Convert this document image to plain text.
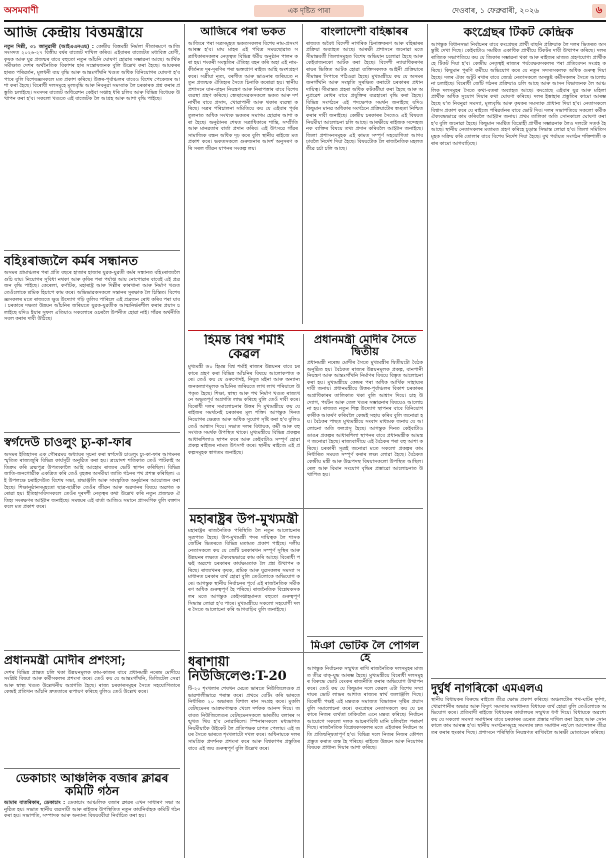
অসমবাণী	এক দৃষ্টিত পাৰা	দেওবাৰ, ১ ফেব্ৰুৱাৰী, ২০২৬	৬
আজি কেন্দ্ৰীয় বিত্তমন্ত্ৰীয়ে
নতুন দিল্লী, ৩১ জানুৱাৰী (আইএএনএছ) : কেন্দ্ৰীয় বিত্তমন্ত্ৰী নিৰ্মলা সীতাৰমণে আজি সংসদত ২০২৬-২৭ বিত্তীয় বৰ্ষৰ বাজেট দাখিল কৰিব। এইবাৰৰ বাজেটত মধ্যবিত্ত শ্ৰেণী, কৃষক আৰু যুৱ প্ৰজন্মৰ বাবে বহুতো নতুন আঁচনি ঘোষণা হোৱাৰ সম্ভাৱনা আছে। আৰ্থিক সমীক্ষাত দেশৰ অৰ্থনৈতিক বিকাশৰ হাৰ সন্তোষজনক বুলি উল্লেখ কৰা হৈছে। আয়কৰৰ হাৰত পৰিৱৰ্তন, মূলধনী ব্যয় বৃদ্ধি আৰু আন্তঃগাঁথনি খণ্ডত অধিক বিনিয়োগৰ ঘোষণা হ'ব পাৰে বুলি বিশেষজ্ঞসকলে মত প্ৰকাশ কৰিছে। উত্তৰ-পূৰ্বাঞ্চলৰ বাবেও বিশেষ পেকেজৰ আশা কৰা হৈছে। বিৰোধী দলসমূহে মূল্যবৃদ্ধি আৰু নিবনুৱা সমস্যাক লৈ চৰকাৰক প্ৰশ্ন কৰাৰ প্ৰস্তুতি চলাইছে। সংসদৰ বাজেট অধিৱেশন কেইবা সপ্তাহ ধৰি চলিব আৰু বিভিন্ন বিধেয়ক উত্থাপন কৰা হ'ব। সকলো খণ্ডতে এই বাজেটক লৈ আগ্ৰহ আৰু আশা বৃদ্ধি পাইছে।
বহিঃৰাজ্যলৈ কৰ্মৰ সন্ধানত
অসমৰ গ্ৰামাঞ্চলৰ পৰা প্ৰতি বছৰে হাজাৰ হাজাৰ যুৱক-যুৱতী কৰ্মৰ সন্ধানত বহিঃৰাজ্যলৈ গুচি যায়। নিয়োগৰ সুবিধা নথকা আৰু কৃষিৰ পৰা পৰ্যাপ্ত আয় নোপোৱাৰ বাবেই এই প্ৰব্ৰজন বৃদ্ধি পাইছে। কেৰেলা, কৰ্ণাটক, মহাৰাষ্ট্ৰ আৰু দিল্লীৰ কাৰখানা আৰু নিৰ্মাণ খণ্ডত তেওঁলোকে শ্ৰমিক হিচাপে কাম কৰে। অভিভাৱকসকলে সন্তানৰ সুৰক্ষাক লৈ চিন্তিত। বিশেষজ্ঞসকলৰ মতে ৰাজ্যতে ক্ষুদ্ৰ উদ্যোগ গঢ়ি তুলিব পাৰিলে এই প্ৰব্ৰজন ৰোধ কৰিব পৰা যাব। চৰকাৰে দক্ষতা উন্নয়ন আঁচনিৰ জৰিয়তে যুৱক-যুৱতীক আত্মনিৰ্ভৰশীল কৰাৰ প্ৰয়াস চলাইছে যদিও ইয়াৰ সুফল এতিয়াও সকলোৰে ওচৰলৈ উপনীত হোৱা নাই। গাঁৱৰ অৰ্থনীতি সবল কৰাৰ দাবী উঠিছে।
স্বৰ্গদেউ চাওলুং চ্যু-কা-ফাৰ
অসমৰ ইতিহাসৰ এক গৌৰৱময় অধ্যায়ৰ সূচনা কৰা স্বৰ্গদেউ চাওলুং চ্যু-কা-ফাৰ আগমনৰ স্মৃতিত ৰাজ্যজুৰি বিভিন্ন কাৰ্যসূচী অনুষ্ঠিত কৰা হয়। ত্ৰয়োদশ শতিকাত তেওঁ পাটকাই অতিক্ৰম কৰি ব্ৰহ্মপুত্ৰ উপত্যকালৈ আহি আহোম ৰাজ্যৰ ভেটি স্থাপন কৰিছিল। বিভিন্ন জাতি-জনগোষ্ঠীক একত্ৰিত কৰি তেওঁ বৃহত্তৰ অসমীয়া জাতি গঠনৰ পথ প্ৰশস্ত কৰিছিল। এই উপলক্ষে চৰাইদেউত বিশেষ সভা, শ্ৰদ্ধাঞ্জলি আৰু সাংস্কৃতিক অনুষ্ঠানৰ আয়োজন কৰা হৈছে। শিক্ষানুষ্ঠানসমূহতো ছাত্ৰ-ছাত্ৰীক তেওঁৰ জীৱন আৰু অৱদানৰ বিষয়ে অৱগত কৰোৱা হয়। ইতিহাসবিদসকলে তেওঁৰ দূৰদৰ্শী নেতৃত্বৰ কথা উল্লেখ কৰি নতুন প্ৰজন্মক ঐতিহ্য সংৰক্ষণৰ আহ্বান জনাইছে। সমন্বয়ৰ এই বাৰ্তা আজিও সমানে প্ৰাসংগিক বুলি বক্তাসকলে মত প্ৰকাশ কৰে।
প্ৰধানমন্ত্ৰী মোদীৰ প্ৰশংসা;
দেশৰ বিভিন্ন প্ৰান্তত চলি থকা উন্নয়নমূলক কাম-কাজৰ বাবে প্ৰধানমন্ত্ৰী নৰেন্দ্ৰ মোদীয়ে সংশ্লিষ্ট বিষয়া আৰু কৰ্মীসকলৰ প্ৰশংসা কৰে। তেওঁ কয় যে আন্তঃগাঁথনি, ডিজিটেল সেৱা আৰু স্বাস্থ্য খণ্ডত উল্লেখনীয় অগ্ৰগতি হৈছে। ৰাজ্য চৰকাৰসমূহৰ সৈতে সহযোগিতাৰে কেন্দ্ৰই প্ৰতিখন আঁচনি দ্ৰুততাৰে ৰূপায়ণ কৰিছে বুলিও তেওঁ উল্লেখ কৰে।
ডেকাচাং আঞ্চলিক বজাৰ ক্লাৱৰ কমিটি গঠন
আমাৰ বাতৰিকাৰ, ডেকাচাং : ডেকাচাং আঞ্চলিক বজাৰ ক্লাৱৰ এখন সাধাৰণ সভা অনুষ্ঠিত হয়। সভাত স্থানীয় ব্যৱসায়ী আৰু ৰাইজৰ উপস্থিতিত নতুন কাৰ্যনিৰ্বাহক কমিটি গঠন কৰা হয়। সভাপতি, সম্পাদক আৰু অন্যান্য বিষয়ববীয়া নিৰ্বাচিত কৰা হয়।
আজিৰে পৰা ভকত
আজিৰে পৰা সত্ৰসমূহত ভকতসকলৰ বিশেষ নাম-প্ৰসংগ আৰম্ভ হ'ব। মাঘ মাহৰ এই পবিত্ৰ সময়ছোৱাত সত্ৰাধিকাৰসকলৰ নেতৃত্বত বিভিন্ন ধৰ্মীয় অনুষ্ঠান পালন কৰা হয়। শংকৰী সংস্কৃতিৰ ঐতিহ্য বহন কৰি অহা এই নাম-কীৰ্তনত দূৰ-দূৰণিৰ পৰা ভক্তপ্ৰাণ ৰাইজ আহি অংশগ্ৰহণ কৰে। সত্ৰীয়া নৃত্য, বৰগীত আৰু ভাওনাৰ জৰিয়তে নতুন প্ৰজন্মক ঐতিহ্যৰ সৈতে চিনাকি কৰোৱা হয়। স্থানীয় প্ৰশাসনে যান-বাহন নিয়ন্ত্ৰণ আৰু নিৰাপত্তাৰ বাবে বিশেষ ব্যৱস্থা গ্ৰহণ কৰিছে। স্বেচ্ছাসেৱকসকলে ভকত আৰু দৰ্শনাৰ্থীৰ বাবে প্ৰসাদ, খোৱাপানী আৰু থকাৰ ব্যৱস্থা কৰিছে। সত্ৰৰ পৰিচালনা সমিতিয়ে কয় যে এইবাৰ পূৰ্বৰ তুলনাত অধিক সংখ্যক ভকতৰ সমাগম হোৱাৰ আশা কৰা হৈছে। অনুষ্ঠানৰ শেষত সত্ৰাধিকাৰে শান্তি, সম্প্ৰীতি আৰু মানৱতাৰ বাৰ্তা প্ৰদান কৰিব। এই উৎসৱে গাঁৱৰ সামাজিক বন্ধন অধিক দৃঢ় কৰে বুলি স্থানীয় ৰাইজে মত প্ৰকাশ কৰে। ভকতসকলে গুৰুজনাৰ আদৰ্শ অনুসৰণ কৰি সৰল জীৱন যাপনৰ সংকল্প লয়।
হিমন্ত বিশ্ব শৰ্মাই কেৱল
মুখ্যমন্ত্ৰী ড০ হিমন্ত বিশ্ব শৰ্মাই ৰাজ্যৰ উন্নয়নৰ বাবে চৰকাৰে গ্ৰহণ কৰা বিভিন্ন আঁচনিৰ বিষয়ে আলোকপাত কৰে। তেওঁ কয় যে ওৰুণোদই, নিযুত মইনা আৰু অন্যান্য জনকল্যাণমূলক আঁচনিৰ জৰিয়তে লাখ লাখ পৰিয়ালে উপকৃত হৈছে। শিক্ষা, স্বাস্থ্য আৰু পথ নিৰ্মাণ খণ্ডত ৰাজ্যখনে অভূতপূৰ্ব অগ্ৰগতি লাভ কৰিছে বুলি তেওঁ দাবী কৰে। বিৰোধী দলৰ সমালোচনাৰ উত্তৰ দি মুখ্যমন্ত্ৰীয়ে কয় যে ৰাইজৰ সমৰ্থনেই চৰকাৰৰ মূল শক্তি। আগন্তুক দিনত নিয়োগৰ ক্ষেত্ৰত আৰু অধিক সুযোগ সৃষ্টি কৰা হ'ব বুলিও তেওঁ আশ্বাস দিয়ে। সভাত দলৰ বিধায়ক, কৰ্মী আৰু বহু সংখ্যক সমৰ্থক উপস্থিত থাকে। মুখ্যমন্ত্ৰীয়ে বিভিন্ন প্ৰকল্পৰ আধাৰশিলাও স্থাপন কৰে আৰু কেইবাটাও সম্পূৰ্ণ হোৱা প্ৰকল্প ৰাইজৰ নামত উৎসৰ্গা কৰে। স্থানীয় ৰাইজে এই প্ৰকল্পসমূহক স্বাগতম জনাইছে।
মহাৰাষ্ট্ৰৰ উপ-মুখ্যমন্ত্ৰী
মহাৰাষ্ট্ৰৰ ৰাজনৈতিক পৰিস্থিতি লৈ নতুন আলোচনাৰ সূত্ৰপাত হৈছে। উপ-মুখ্যমন্ত্ৰী পদৰ দায়িত্বক লৈ শাসক জোঁটৰ ভিতৰতে বিভিন্ন মতামত প্ৰকাশ পাইছে। দলীয় নেতাসকলে কয় যে জোঁট চৰকাৰখন সম্পূৰ্ণ সুস্থিৰ আৰু উন্নয়নৰ লক্ষ্যত ঐক্যবদ্ধভাৱে কাম কৰি আছে। বিৰোধী পক্ষই অৱশ্যে চৰকাৰৰ কাৰ্যক্ষমতাক লৈ প্ৰশ্ন উত্থাপন কৰিছে। ৰাজ্যখনৰ কৃষক, শ্ৰমিক আৰু যুৱসকলৰ সমস্যা সমাধানত চৰকাৰ ব্যৰ্থ হোৱা বুলি তেওঁলোকে অভিযোগ কৰে। আগন্তুক স্থানীয় নিৰ্বাচনৰ পূৰ্বে এই ৰাজনৈতিক সমীকৰণ অধিক গুৰুত্বপূৰ্ণ হৈ পৰিছে। ৰাজনৈতিক বিশ্লেষকসকলৰ মতে আগন্তুক কেইসপ্তাহমানত বহুতো গুৰুত্বপূৰ্ণ সিদ্ধান্ত লোৱা হ'ব পাৰে। মুখ্যমন্ত্ৰীয়ে সকলো সহযোগী দলৰ সৈতে আলোচনা কৰি আগবাঢ়িব বুলি জনাইছে।
ধৰাশায়ী নিউজিলেণ্ড:T-20
টি-২০ শৃংখলাৰ শেষখন মেচত ভাৰতে নিউজিলেণ্ডক প্ৰভাৱশালীভাৱে পৰাস্ত কৰে। প্ৰথমে বেটিং কৰি ভাৰতে নিৰ্ধাৰিত ২০ অভাৰত বিশাল ৰান সংগ্ৰহ কৰে। মুকলি বেটছমেনৰ আক্ৰমণাত্মক খেলে দৰ্শকক আনন্দ দিয়ে। জবাবত নিউজিলেণ্ডৰ বেটছমেনসকলে ভাৰতীয় বলাৰৰ সন্মুখত থিয় হ'ব নোৱাৰিলে। স্পিনাৰসকলে মধ্যভাগত নিয়মীয়াকৈ উইকেট লৈ প্ৰতিপক্ষক চাপত পেলায়। এই জয়ৰ সৈতে ভাৰতে শৃংখলাটো দখল কৰে। অধিনায়কে দলৰ সামগ্ৰিক প্ৰদৰ্শনক প্ৰশংসা কৰে আৰু বিশ্বকাপৰ প্ৰস্তুতিৰ বাবে এই জয় গুৰুত্বপূৰ্ণ বুলি উল্লেখ কৰে।
বাংলাদেশী বহিষ্কাৰৰ
ৰাজ্যত অবৈধ বিদেশী নাগৰিক চিনাক্তকৰণ আৰু বহিষ্কাৰৰ প্ৰক্ৰিয়া অব্যাহত আছে। আৰক্ষী প্ৰশাসনে জনোৱা মতে সীমান্তবৰ্তী জিলাসমূহত বিশেষ অভিযান চলোৱা হৈছে আৰু কেইবাজনকো আটক কৰা হৈছে। বিদেশী ন্যায়াধিকৰণৰ ৰায়ৰ ভিত্তিত আটক হোৱা ব্যক্তিসকলক আইনী প্ৰক্ৰিয়াৰে সীমান্তৰ সিপাৰে পঠিওৱা হৈছে। মুখ্যমন্ত্ৰীয়ে কয় যে অসমৰ জনগাঁথনি আৰু সংস্কৃতি সুৰক্ষিত কৰাটো চৰকাৰৰ প্ৰধান দায়িত্ব। সীমান্তত প্ৰহৰা অধিক কটকটীয়া কৰা হৈছে আৰু অনুপ্ৰৱেশ ৰোধৰ বাবে প্ৰযুক্তিৰ ব্যৱহাৰো বৃদ্ধি কৰা হৈছে। বিভিন্ন সংগঠনে এই পদক্ষেপক সমৰ্থন জনাইছে যদিও কিছুমান মানৱ অধিকাৰ সংগঠনে প্ৰক্ৰিয়াটোৰ স্বচ্ছতা নিশ্চিত কৰাৰ দাবী জনাইছে। কেন্দ্ৰীয় চৰকাৰৰ সৈতেও এই বিষয়ত নিয়মীয়া আলোচনা চলি আছে। আৰক্ষীয়ে ৰাইজক সন্দেহজনক ব্যক্তিৰ বিষয়ে তথ্য প্ৰদান কৰিবলৈ আহ্বান জনাইছে। জিলা প্ৰশাসনসমূহক এই কামত সম্পূৰ্ণ সহযোগিতা আগবঢ়াবলৈ নিৰ্দেশ দিয়া হৈছে। বিষয়টোক লৈ ৰাজনৈতিক মহলত তীব্ৰ চৰ্চা চলি আছে।
কংগ্ৰেছৰ টিকট কেন্দ্ৰিক
আগন্তুক বিধানসভা নিৰ্বাচনৰ বাবে কংগ্ৰেছৰ প্ৰাৰ্থী বাছনি প্ৰক্ৰিয়াক লৈ দলৰ ভিতৰত অসন্তুষ্টি দেখা দিছে। কেইবাটাও সমষ্টিত একাধিক প্ৰাৰ্থীয়ে টিকটৰ দাবী উত্থাপন কৰিছে। দলৰ ৰাজ্যিক সভাপতিয়ে কয় যে জিকাৰ সম্ভাৱনা থকা আৰু ৰাইজৰ মাজত গ্ৰহণযোগ্য প্ৰাৰ্থীকহে টিকট দিয়া হ'ব। কেন্দ্ৰীয় নেতৃত্বই ৰাজ্যৰ পৰ্যবেক্ষকসকলৰ পৰা প্ৰতিবেদন সংগ্ৰহ কৰিছে। কিছুমান পুৰণি কৰ্মীয়ে অভিযোগ কৰে যে নতুন সদস্যসকলক অধিক গুৰুত্ব দিয়া হৈছে। দলৰ ঐক্য অটুট ৰখাৰ বাবে জ্যেষ্ঠ নেতাসকলে অসন্তুষ্ট কৰ্মীসকলৰ সৈতে আলোচনা চলাইছে। বিৰোধী জোঁট গঠনৰ প্ৰক্ৰিয়াও চলি আছে আৰু আসন বিভাজনক লৈ আঞ্চলিক দলসমূহৰ সৈতে কথা-বতৰা অব্যাহত আছে। কংগ্ৰেছে এইবাৰ যুৱ আৰু মহিলা প্ৰাৰ্থীক অধিক সুযোগ দিয়াৰ কথা ঘোষণা কৰিছে। দলৰ ইস্তাহাৰ প্ৰস্তুতিৰ কামো আৰম্ভ হৈছে য'ত নিবনুৱা সমস্যা, মূল্যবৃদ্ধি আৰু কৃষকৰ সমস্যাক প্ৰাধান্য দিয়া হ'ব। নেতাসকলে বিশ্বাস প্ৰকাশ কৰে যে ৰাইজে পৰিৱৰ্তনৰ বাবে ভোট দিব। দলৰ সভাপতিয়ে সকলো কৰ্মীক ঐক্যবদ্ধভাৱে কাম কৰিবলৈ আহ্বান জনায়। প্ৰথম তালিকা অতি সোনকালে ঘোষণা কৰা হ'ব বুলি জনোৱা হৈছে। কিছুমান সমষ্টিত বিদ্ৰোহী প্ৰাৰ্থীৰ সম্ভাৱনাক লৈও দলটো সতৰ্ক হৈ আছে। স্থানীয় নেতাসকলৰ মতামত গ্ৰহণ কৰিহে চূড়ান্ত সিদ্ধান্ত লোৱা হ'ব। জিলা সমিতিসমূহক সক্ৰিয় কৰি তোলাৰ বাবে বিশেষ নিৰ্দেশ দিয়া হৈছে। বুথ পৰ্যায়ত সংগঠন শক্তিশালী কৰাৰ কামো আগবাঢ়িছে।
দুৰ্ঘ্বৰ্ধ নাগৰিকো এমএলএ
স্থানীয় বিধায়কৰ বিৰুদ্ধে ৰাইজে তীব্ৰ ক্ষোভ প্ৰকাশ কৰিছে। অঞ্চলটোৰ পথ-ঘাটৰ দুৰ্দশা, খোৱাপানীৰ অভাৱ আৰু বিদ্যুৎ সমস্যাৰ সমাধানত বিধায়ক ব্যৰ্থ হোৱা বুলি তেওঁলোকে অভিযোগ কৰে। প্ৰতিবাদী ৰাইজে বিধায়কৰ কাৰ্যালয়ৰ সন্মুখত ধৰ্ণা দিয়ে। বিধায়কে অৱশ্যে কয় যে সকলো সমস্যা সমাধানৰ বাবে চৰকাৰৰ ওচৰত প্ৰস্তাৱ দাখিল কৰা হৈছে আৰু সোনকালে কাম আৰম্ভ হ'ব। স্থানীয় সংগঠনসমূহে সমস্যাৰ দ্ৰুত সমাধান নহ'লে আন্দোলন তীব্ৰতৰ কৰাৰ হুংকাৰ দিছে। প্ৰশাসনে পৰিস্থিতি নিয়ন্ত্ৰণত ৰাখিবলৈ আৰক্ষী মোতায়েন কৰিছে।
প্ৰধানমন্ত্ৰী মোদীৰ সৈতে দ্বিতীয়
প্ৰধানমন্ত্ৰী নৰেন্দ্ৰ মোদীৰ সৈতে মুখ্যমন্ত্ৰীৰ দ্বিতীয়টো বৈঠক অনুষ্ঠিত হয়। বৈঠকত ৰাজ্যৰ উন্নয়নমূলক প্ৰকল্প, বানপানী নিয়ন্ত্ৰণ আৰু আন্তঃগাঁথনি নিৰ্মাণৰ বিষয়ে বিস্তৃত আলোচনা কৰা হয়। মুখ্যমন্ত্ৰীয়ে কেন্দ্ৰৰ পৰা অধিক আৰ্থিক সাহায্যৰ দাবী জনায়। প্ৰধানমন্ত্ৰীয়ে উত্তৰ-পূৰ্বাঞ্চলৰ বিকাশ চৰকাৰৰ অগ্ৰাধিকাৰৰ তালিকাত থকা বুলি আশ্বাস দিয়ে। চাহ উদ্যোগ, পৰ্যটন আৰু তেল খণ্ডৰ সম্ভাৱনাৰ বিষয়েও আলোচনা হয়। ৰাজ্যত নতুন শিল্প উদ্যোগ স্থাপনৰ বাবে বিনিয়োগকাৰীক আকৰ্ষণ কৰিবলৈ কেন্দ্ৰই সহায় কৰিব বুলি জনোৱা হয়। বৈঠকৰ পাছত মুখ্যমন্ত্ৰীয়ে সংবাদ মাধ্যমক জনায় যে আলোচনা অতি ফলপ্ৰসূ হৈছে। আগন্তুক দিনত কেইবাটাও ডাঙৰ প্ৰকল্পৰ আধাৰশিলা স্থাপনৰ বাবে প্ৰধানমন্ত্ৰীক আমন্ত্ৰণ জনোৱা হৈছে। ৰাজ্যবাসীয়ে এই বৈঠকৰ পৰা বহু আশা কৰিছে। চৰকাৰী সূত্ৰই জনোৱা মতে সকলো প্ৰকল্পৰ কাম নিৰ্ধাৰিত সময়ত সম্পূৰ্ণ কৰাৰ লক্ষ্য লোৱা হৈছে। বৈঠকত কেন্দ্ৰীয় মন্ত্ৰী আৰু উচ্চপদস্থ বিষয়াসকলো উপস্থিত আছিল। ৰেল আৰু বিমান সংযোগ বৃদ্ধিৰ প্ৰস্তাৱো আলোচনাত উত্থাপিত হয়।
মিঞা ভোটক লৈ পোগল হে
আগন্তুক নিৰ্বাচনক সন্মুখত ৰাখি ৰাজনৈতিক দলসমূহৰ মাজত তীব্ৰ বাক্-যুদ্ধ আৰম্ভ হৈছে। মুখ্যমন্ত্ৰীয়ে বিৰোধী দলসমূহৰ বিৰুদ্ধে ভোট বেংকৰ ৰাজনীতি কৰাৰ অভিযোগ উত্থাপন কৰে। তেওঁ কয় যে কিছুমান দলে কেৱল এটা বিশেষ সম্প্ৰদায়ৰ ভোট লাভৰ আশাত ৰাজ্যৰ স্বাৰ্থ জলাঞ্জলি দিছে। বিৰোধী পক্ষই এই মন্তব্যক সমাজত বিভাজন সৃষ্টিৰ প্ৰয়াস বুলি সমালোচনা কৰে। কংগ্ৰেছৰ নেতাসকলে কয় যে চৰকাৰে নিজৰ ব্যৰ্থতা ঢাকিবলৈ এনে মন্তব্য কৰিছে। নিৰ্বাচন আয়োগে সকলো দলক আচৰণবিধি মানি চলিবলৈ পৰামৰ্শ দিছে। ৰাজনৈতিক বিশ্লেষকসকলৰ মতে এইবাৰৰ নিৰ্বাচন অতি প্ৰতিদ্বন্দ্বিতাপূৰ্ণ হ'ব। বিভিন্ন দলে নিজৰ নিজৰ কৌশল প্ৰস্তুত কৰাত ব্যস্ত হৈ পৰিছে। ৰাইজে উন্নয়ন আৰু নিয়োগৰ বিষয়ক প্ৰাধান্য দিয়াৰ আশা কৰিছে।
